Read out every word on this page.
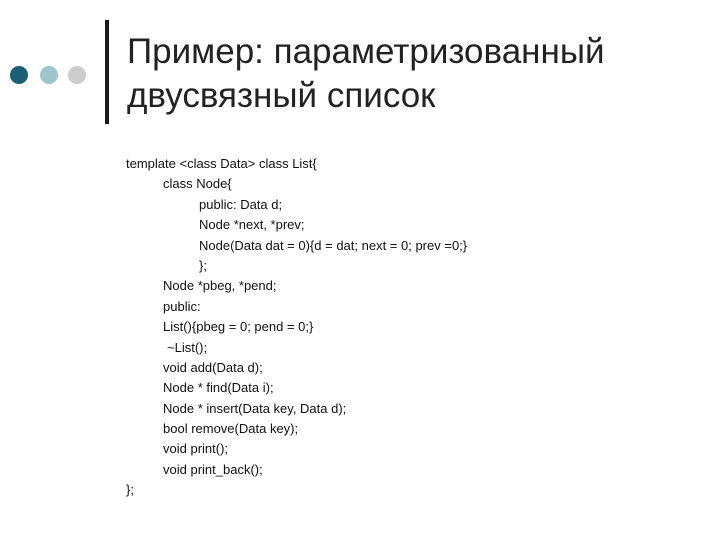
Пример: параметризованный
двусвязный список
template <class Data> class List{
class Node{
public: Data d;
Node *next, *prev;
Node(Data dat = 0){d = dat; next = 0; prev =0;}
};
Node *pbeg, *pend;
public:
List(){pbeg = 0; pend = 0;}
~List();
void add(Data d);
Node * find(Data i);
Node * insert(Data key, Data d);
bool remove(Data key);
void print();
void print_back();
};
